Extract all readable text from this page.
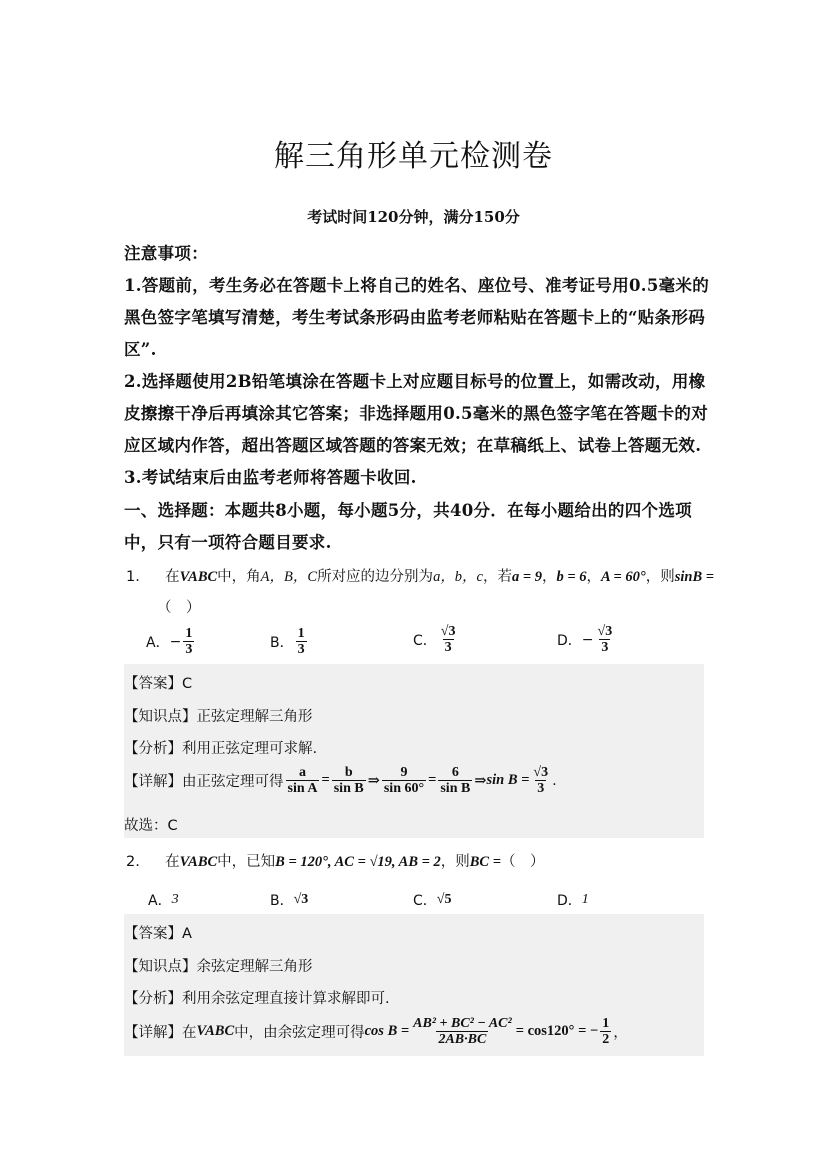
解三角形单元检测卷
考试时间120分钟，满分150分
注意事项：
1.答题前，考生务必在答题卡上将自己的姓名、座位号、准考证号用0.5毫米的
黑色签字笔填写清楚，考生考试条形码由监考老师粘贴在答题卡上的“贴条形码
区”.
2.选择题使用2B铅笔填涂在答题卡上对应题目标号的位置上，如需改动，用橡
皮擦擦干净后再填涂其它答案；非选择题用0.5毫米的黑色签字笔在答题卡的对
应区域内作答，超出答题区域答题的答案无效；在草稿纸上、试卷上答题无效.
3.考试结束后由监考老师将答题卡收回.
一、选择题：本题共8小题，每小题5分，共40分．在每小题给出的四个选项
中，只有一项符合题目要求.
1. 在VABC中，角A，B，C所对应的边分别为a，b，c，若a = 9，b = 6，A = 60°，则sinB =
（　）
A． − $\frac{1}{3}$	B． $\frac{1}{3}$	C． $\frac{√3}{3}$	D． − $\frac{√3}{3}$
【答案】C
【知识点】正弦定理解三角形
【分析】利用正弦定理可求解.
【详解】由正弦定理可得 $\frac{a}{\text{sin A}} = \frac{b}{\text{sin B}}$ ⇒ $\frac{9}{\sin 60^\circ} = \frac{6}{\text{sin B}}$ ⇒ $\sin B = \frac{√3}{3}$ .
故选：C
2. 在VABC中，已知B = 120°, AC = √19, AB = 2，则BC =（　）
A． 3	B． √3	C． √5	D． 1
【答案】A
【知识点】余弦定理解三角形
【分析】利用余弦定理直接计算求解即可.
【详解】在 VABC 中，由余弦定理可得 $\cos B = \frac{\text{AB² + BC² − AC²}}{2AB\cdot BC} = \cos 120^\circ$ = − $\frac{1}{2}$ ，
